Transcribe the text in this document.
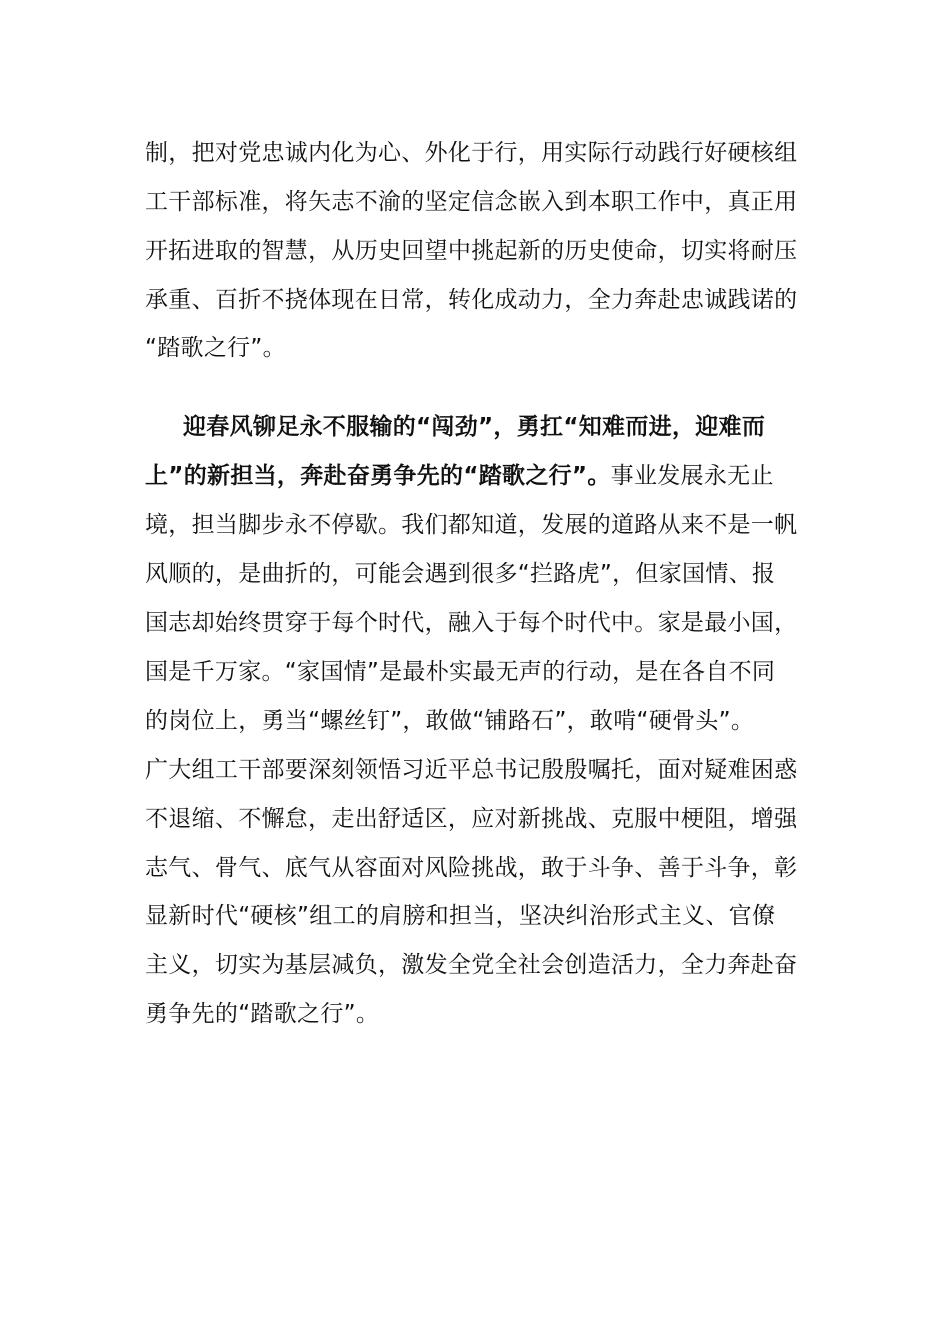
制，把对党忠诚内化为心、外化于行，用实际行动践行好硬核组
工干部标准，将矢志不渝的坚定信念嵌入到本职工作中，真正用
开拓进取的智慧，从历史回望中挑起新的历史使命，切实将耐压
承重、百折不挠体现在日常，转化成动力，全力奔赴忠诚践诺的
“踏歌之行”。
迎春风铆足永不服输的“闯劲”，勇扛“知难而进，迎难而
上”的新担当，奔赴奋勇争先的“踏歌之行”。事业发展永无止
境，担当脚步永不停歇。我们都知道，发展的道路从来不是一帆
风顺的，是曲折的，可能会遇到很多“拦路虎”，但家国情、报
国志却始终贯穿于每个时代，融入于每个时代中。家是最小国，
国是千万家。“家国情”是最朴实最无声的行动，是在各自不同
的岗位上，勇当“螺丝钉”，敢做“铺路石”，敢啃“硬骨头”。
广大组工干部要深刻领悟习近平总书记殷殷嘱托，面对疑难困惑
不退缩、不懈怠，走出舒适区，应对新挑战、克服中梗阻，增强
志气、骨气、底气从容面对风险挑战，敢于斗争、善于斗争，彰
显新时代“硬核”组工的肩膀和担当，坚决纠治形式主义、官僚
主义，切实为基层减负，激发全党全社会创造活力，全力奔赴奋
勇争先的“踏歌之行”。
